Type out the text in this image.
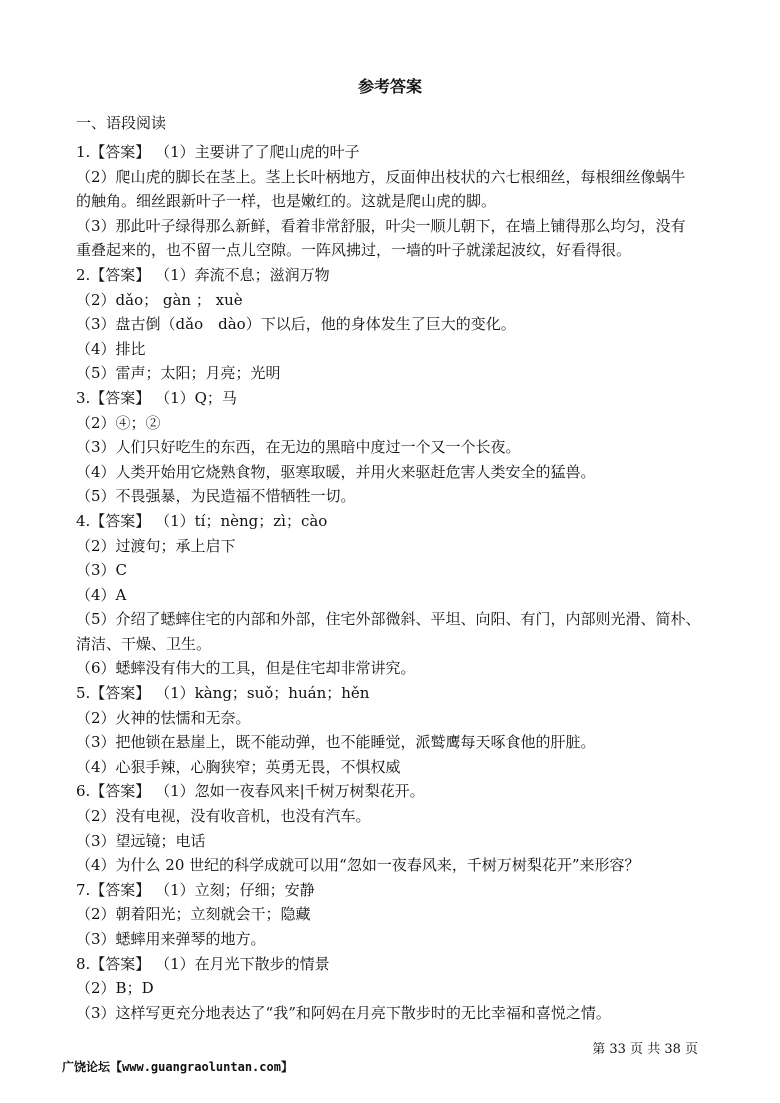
参考答案
一、语段阅读
1.【答案】 （1）主要讲了了爬山虎的叶子
（2）爬山虎的脚长在茎上。茎上长叶柄地方，反面伸出枝状的六七根细丝，每根细丝像蜗牛
的触角。细丝跟新叶子一样，也是嫩红的。这就是爬山虎的脚。
（3）那此叶子绿得那么新鲜，看着非常舒服，叶尖一顺儿朝下，在墙上铺得那么均匀，没有
重叠起来的，也不留一点儿空隙。一阵风拂过，一墙的叶子就漾起波纹，好看得很。
2.【答案】 （1）奔流不息；滋润万物
（2）dǎo； gàn ； xuè
（3）盘古倒（dǎo　dào）下以后，他的身体发生了巨大的变化。
（4）排比
（5）雷声；太阳；月亮；光明
3.【答案】 （1）Q；马
（2）④；②
（3）人们只好吃生的东西，在无边的黑暗中度过一个又一个长夜。
（4）人类开始用它烧熟食物，驱寒取暖，并用火来驱赶危害人类安全的猛兽。
（5）不畏强暴，为民造福不惜牺牲一切。
4.【答案】 （1）tí；nèng；zì；cào
（2）过渡句；承上启下
（3）C
（4）A
（5）介绍了蟋蟀住宅的内部和外部，住宅外部微斜、平坦、向阳、有门，内部则光滑、简朴、
清洁、干燥、卫生。
（6）蟋蟀没有伟大的工具，但是住宅却非常讲究。
5.【答案】 （1）kàng；suǒ；huán；hěn
（2）火神的怯懦和无奈。
（3）把他锁在悬崖上，既不能动弹，也不能睡觉，派鹫鹰每天啄食他的肝脏。
（4）心狠手辣，心胸狭窄；英勇无畏，不惧权威
6.【答案】 （1）忽如一夜春风来|千树万树梨花开。
（2）没有电视，没有收音机，也没有汽车。
（3）望远镜；电话
（4）为什么 20 世纪的科学成就可以用“忽如一夜春风来，千树万树梨花开”来形容？
7.【答案】 （1）立刻；仔细；安静
（2）朝着阳光；立刻就会干；隐藏
（3）蟋蟀用来弹琴的地方。
8.【答案】 （1）在月光下散步的情景
（2）B；D
（3）这样写更充分地表达了“我”和阿妈在月亮下散步时的无比幸福和喜悦之情。
第 33 页 共 38 页
广饶论坛【www.guangraoluntan.com】
